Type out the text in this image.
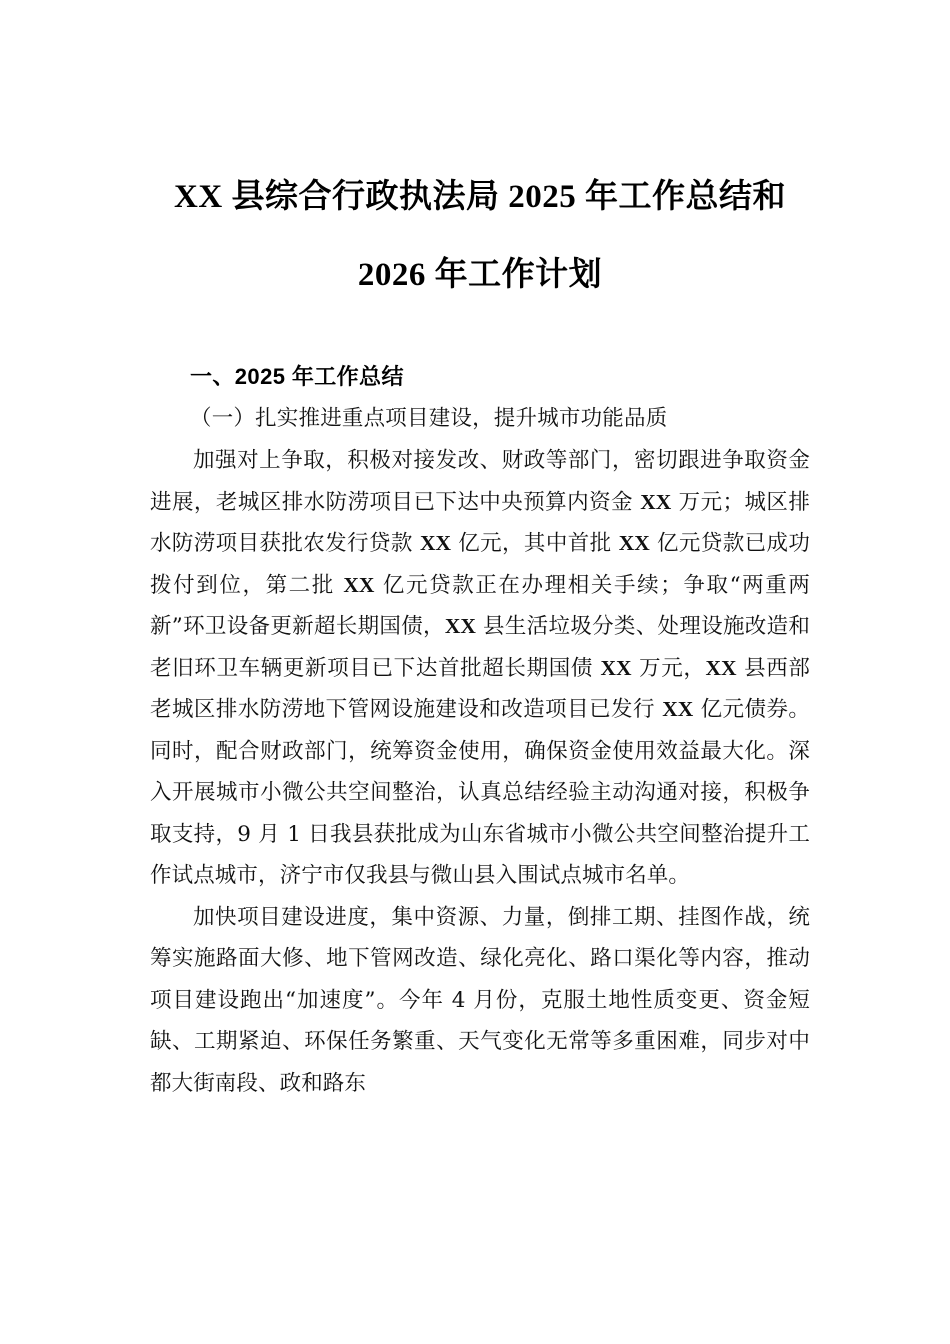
XX 县综合行政执法局 2025 年工作总结和
2026 年工作计划
一、2025 年工作总结
（一）扎实推进重点项目建设，提升城市功能品质

加强对上争取，积极对接发改、财政等部门，密切跟进争取资金进展，老城区排水防涝项目已下达中央预算内资金 XX 万元；城区排水防涝项目获批农发行贷款 XX 亿元，其中首批 XX 亿元贷款已成功拨付到位，第二批 XX 亿元贷款正在办理相关手续；争取“两重两新”环卫设备更新超长期国债，XX 县生活垃圾分类、处理设施改造和老旧环卫车辆更新项目已下达首批超长期国债 XX 万元，XX 县西部老城区排水防涝地下管网设施建设和改造项目已发行 XX 亿元债券。同时，配合财政部门，统筹资金使用，确保资金使用效益最大化。深入开展城市小微公共空间整治，认真总结经验主动沟通对接，积极争取支持，9 月 1 日我县获批成为山东省城市小微公共空间整治提升工作试点城市，济宁市仅我县与微山县入围试点城市名单。

加快项目建设进度，集中资源、力量，倒排工期、挂图作战，统筹实施路面大修、地下管网改造、绿化亮化、路口渠化等内容，推动项目建设跑出“加速度”。今年 4 月份，克服土地性质变更、资金短缺、工期紧迫、环保任务繁重、天气变化无常等多重困难，同步对中都大街南段、政和路东
